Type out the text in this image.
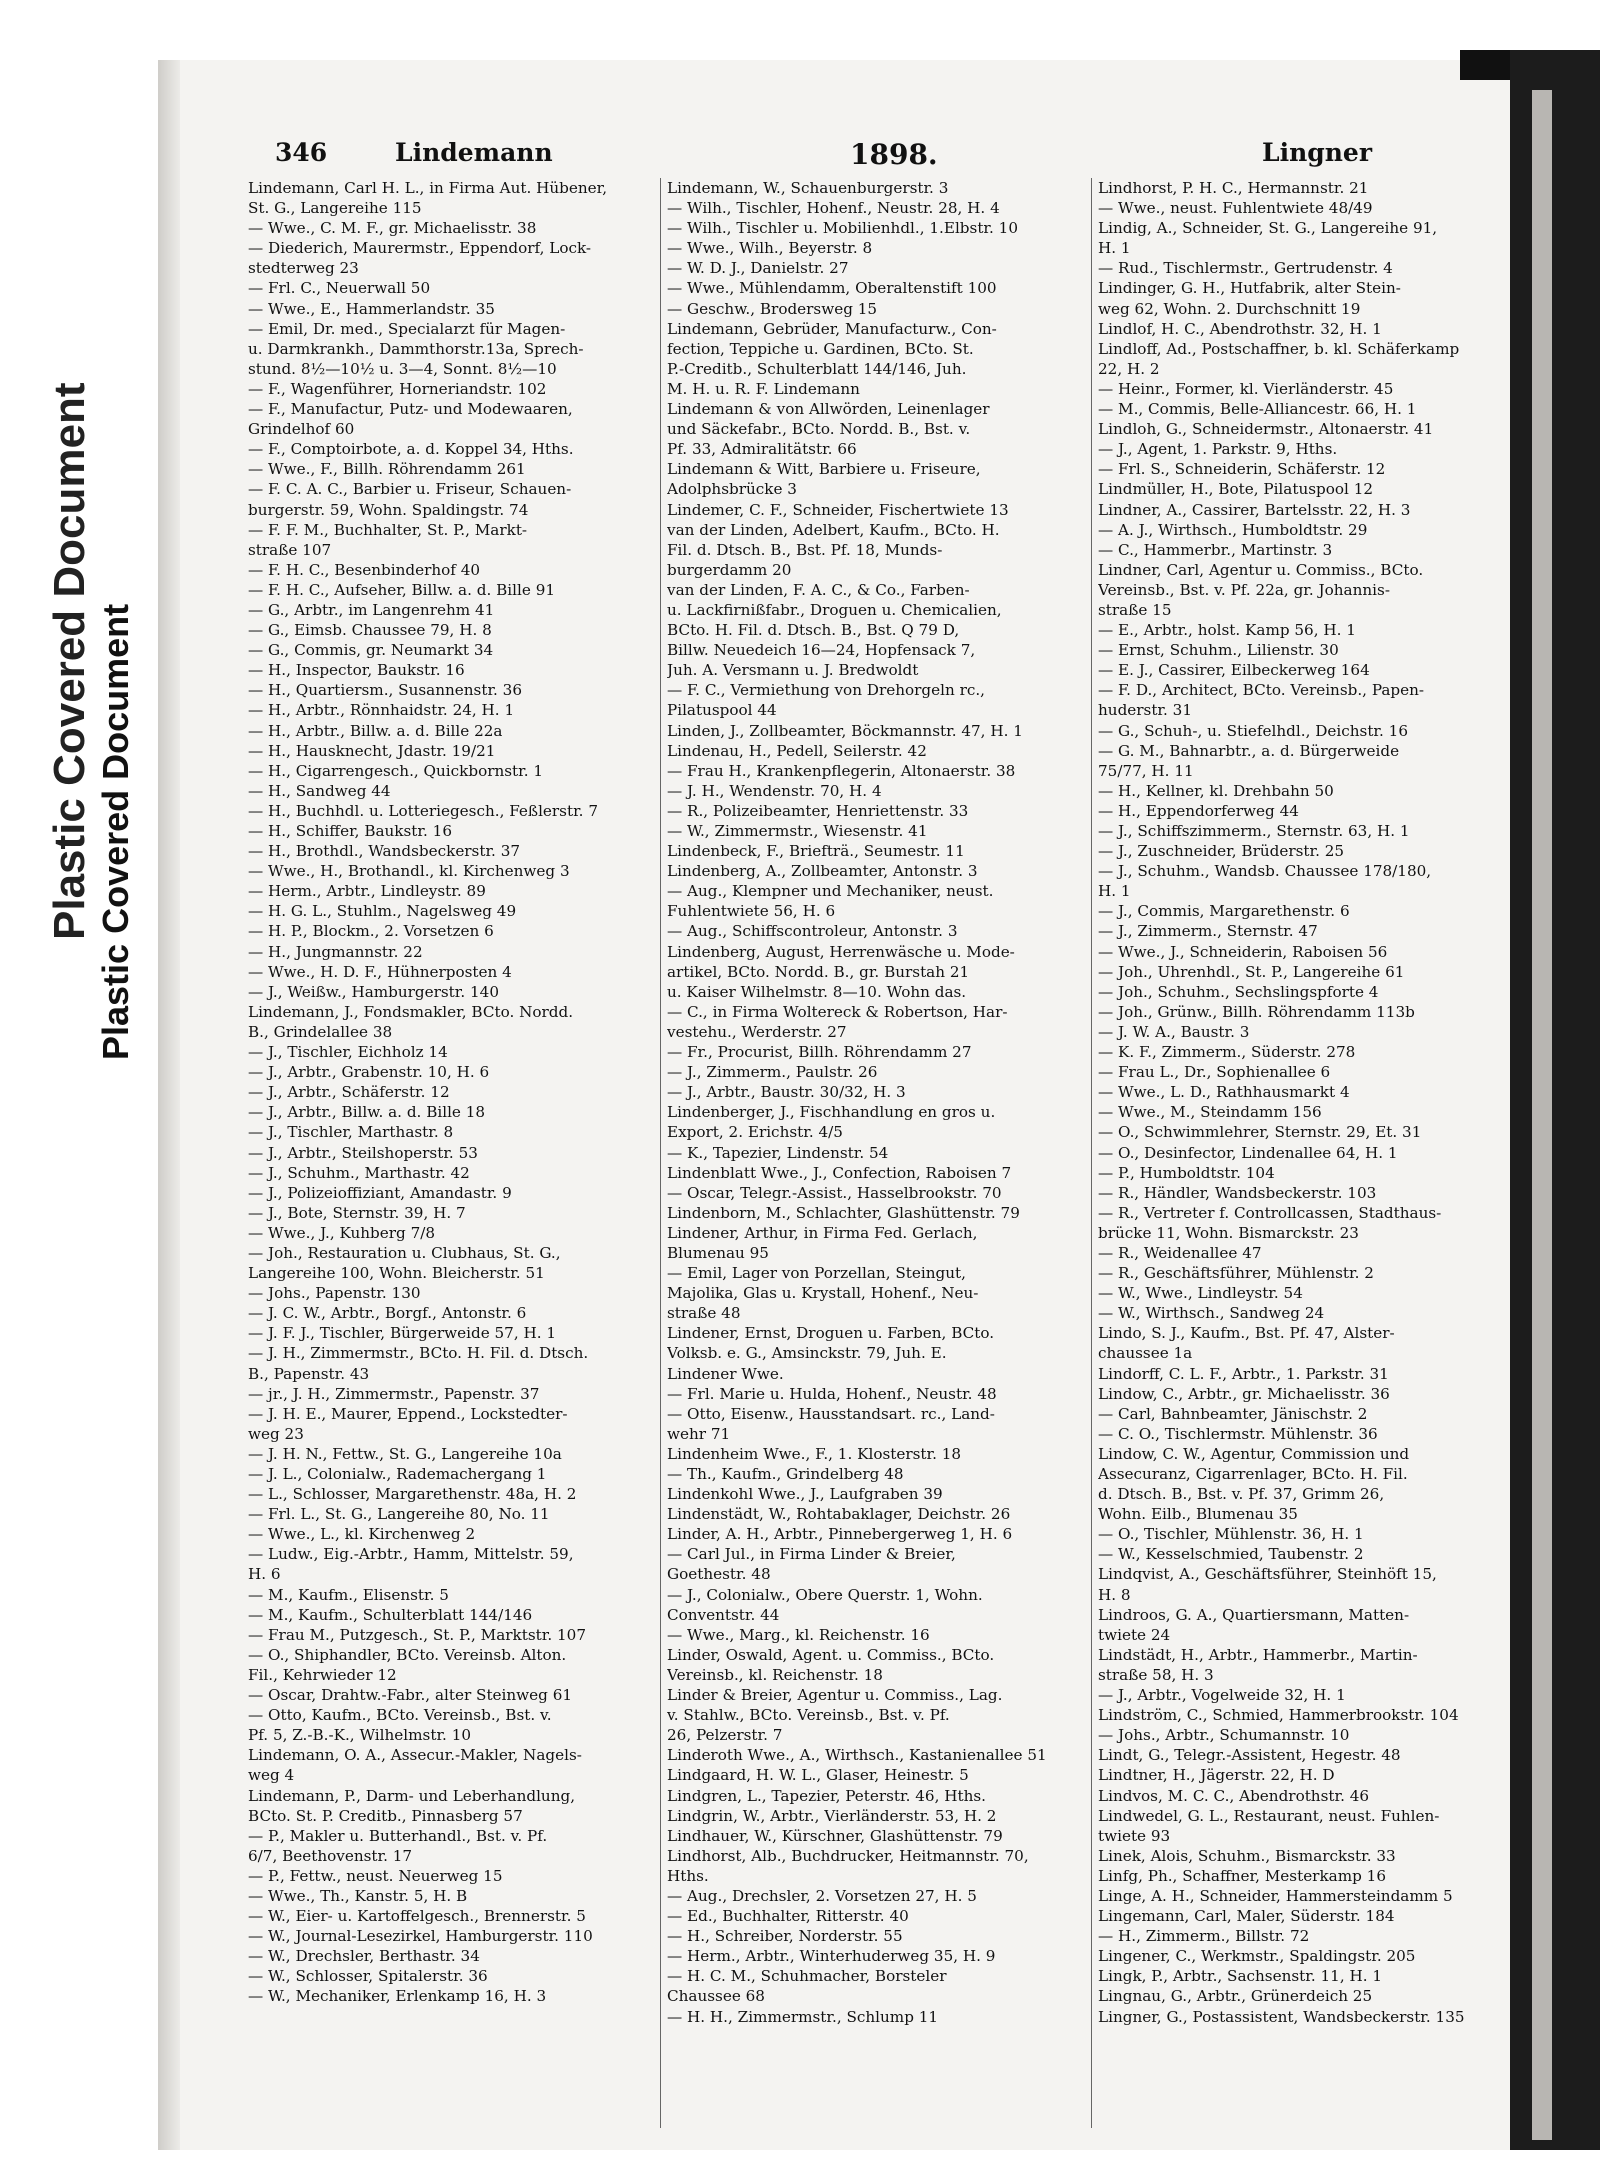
Plastic Covered Document Plastic Covered Document
346	Lindemann	1898.	Lingner
Lindemann, Carl H. L., in Firma Aut. Hübener,
St. G., Langereihe 115
— Wwe., C. M. F., gr. Michaelisstr. 38
— Diederich, Maurermstr., Eppendorf, Lock-
stedterweg 23
— Frl. C., Neuerwall 50
— Wwe., E., Hammerlandstr. 35
— Emil, Dr. med., Specialarzt für Magen-
u. Darmkrankh., Dammthorstr.13a, Sprech-
stund. 8½—10½ u. 3—4, Sonnt. 8½—10
— F., Wagenführer, Horneriandstr. 102
— F., Manufactur, Putz- und Modewaaren,
Grindelhof 60
— F., Comptoirbote, a. d. Koppel 34, Hths.
— Wwe., F., Billh. Röhrendamm 261
— F. C. A. C., Barbier u. Friseur, Schauen-
burgerstr. 59, Wohn. Spaldingstr. 74
— F. F. M., Buchhalter, St. P., Markt-
straße 107
— F. H. C., Besenbinderhof 40
— F. H. C., Aufseher, Billw. a. d. Bille 91
— G., Arbtr., im Langenrehm 41
— G., Eimsb. Chaussee 79, H. 8
— G., Commis, gr. Neumarkt 34
— H., Inspector, Baukstr. 16
— H., Quartiersm., Susannenstr. 36
— H., Arbtr., Rönnhaidstr. 24, H. 1
— H., Arbtr., Billw. a. d. Bille 22a
— H., Hausknecht, Jdastr. 19/21
— H., Cigarrengesch., Quickbornstr. 1
— H., Sandweg 44
— H., Buchhdl. u. Lotteriegesch., Feßlerstr. 7
— H., Schiffer, Baukstr. 16
— H., Brothdl., Wandsbeckerstr. 37
— Wwe., H., Brothandl., kl. Kirchenweg 3
— Herm., Arbtr., Lindleystr. 89
— H. G. L., Stuhlm., Nagelsweg 49
— H. P., Blockm., 2. Vorsetzen 6
— H., Jungmannstr. 22
— Wwe., H. D. F., Hühnerposten 4
— J., Weißw., Hamburgerstr. 140
Lindemann, J., Fondsmakler, BCto. Nordd.
B., Grindelallee 38
— J., Tischler, Eichholz 14
— J., Arbtr., Grabenstr. 10, H. 6
— J., Arbtr., Schäferstr. 12
— J., Arbtr., Billw. a. d. Bille 18
— J., Tischler, Marthastr. 8
— J., Arbtr., Steilshoperstr. 53
— J., Schuhm., Marthastr. 42
— J., Polizeioffiziant, Amandastr. 9
— J., Bote, Sternstr. 39, H. 7
— Wwe., J., Kuhberg 7/8
— Joh., Restauration u. Clubhaus, St. G.,
Langereihe 100, Wohn. Bleicherstr. 51
— Johs., Papenstr. 130
— J. C. W., Arbtr., Borgf., Antonstr. 6
— J. F. J., Tischler, Bürgerweide 57, H. 1
— J. H., Zimmermstr., BCto. H. Fil. d. Dtsch.
B., Papenstr. 43
— jr., J. H., Zimmermstr., Papenstr. 37
— J. H. E., Maurer, Eppend., Lockstedter-
weg 23
— J. H. N., Fettw., St. G., Langereihe 10a
— J. L., Colonialw., Rademachergang 1
— L., Schlosser, Margarethenstr. 48a, H. 2
— Frl. L., St. G., Langereihe 80, No. 11
— Wwe., L., kl. Kirchenweg 2
— Ludw., Eig.-Arbtr., Hamm, Mittelstr. 59,
H. 6
— M., Kaufm., Elisenstr. 5
— M., Kaufm., Schulterblatt 144/146
— Frau M., Putzgesch., St. P., Marktstr. 107
— O., Shiphandler, BCto. Vereinsb. Alton.
Fil., Kehrwieder 12
— Oscar, Drahtw.-Fabr., alter Steinweg 61
— Otto, Kaufm., BCto. Vereinsb., Bst. v.
Pf. 5, Z.-B.-K., Wilhelmstr. 10
Lindemann, O. A., Assecur.-Makler, Nagels-
weg 4
Lindemann, P., Darm- und Leberhandlung,
BCto. St. P. Creditb., Pinnasberg 57
— P., Makler u. Butterhandl., Bst. v. Pf.
6/7, Beethovenstr. 17
— P., Fettw., neust. Neuerweg 15
— Wwe., Th., Kanstr. 5, H. B
— W., Eier- u. Kartoffelgesch., Brennerstr. 5
— W., Journal-Lesezirkel, Hamburgerstr. 110
— W., Drechsler, Berthastr. 34
— W., Schlosser, Spitalerstr. 36
— W., Mechaniker, Erlenkamp 16, H. 3
Lindemann, W., Schauenburgerstr. 3
— Wilh., Tischler, Hohenf., Neustr. 28, H. 4
— Wilh., Tischler u. Mobilienhdl., 1.Elbstr. 10
— Wwe., Wilh., Beyerstr. 8
— W. D. J., Danielstr. 27
— Wwe., Mühlendamm, Oberaltenstift 100
— Geschw., Brodersweg 15
Lindemann, Gebrüder, Manufacturw., Con-
fection, Teppiche u. Gardinen, BCto. St.
P.-Creditb., Schulterblatt 144/146, Juh.
M. H. u. R. F. Lindemann
Lindemann & von Allwörden, Leinenlager
und Säckefabr., BCto. Nordd. B., Bst. v.
Pf. 33, Admiralitätstr. 66
Lindemann & Witt, Barbiere u. Friseure,
Adolphsbrücke 3
Lindemer, C. F., Schneider, Fischertwiete 13
van der Linden, Adelbert, Kaufm., BCto. H.
Fil. d. Dtsch. B., Bst. Pf. 18, Munds-
burgerdamm 20
van der Linden, F. A. C., & Co., Farben-
u. Lackfirnißfabr., Droguen u. Chemicalien,
BCto. H. Fil. d. Dtsch. B., Bst. Q 79 D,
Billw. Neuedeich 16—24, Hopfensack 7,
Juh. A. Versmann u. J. Bredwoldt
— F. C., Vermiethung von Drehorgeln rc.,
Pilatuspool 44
Linden, J., Zollbeamter, Böckmannstr. 47, H. 1
Lindenau, H., Pedell, Seilerstr. 42
— Frau H., Krankenpflegerin, Altonaerstr. 38
— J. H., Wendenstr. 70, H. 4
— R., Polizeibeamter, Henriettenstr. 33
— W., Zimmermstr., Wiesenstr. 41
Lindenbeck, F., Briefträ., Seumestr. 11
Lindenberg, A., Zollbeamter, Antonstr. 3
— Aug., Klempner und Mechaniker, neust.
Fuhlentwiete 56, H. 6
— Aug., Schiffscontroleur, Antonstr. 3
Lindenberg, August, Herrenwäsche u. Mode-
artikel, BCto. Nordd. B., gr. Burstah 21
u. Kaiser Wilhelmstr. 8—10. Wohn das.
— C., in Firma Woltereck & Robertson, Har-
vestehu., Werderstr. 27
— Fr., Procurist, Billh. Röhrendamm 27
— J., Zimmerm., Paulstr. 26
— J., Arbtr., Baustr. 30/32, H. 3
Lindenberger, J., Fischhandlung en gros u.
Export, 2. Erichstr. 4/5
— K., Tapezier, Lindenstr. 54
Lindenblatt Wwe., J., Confection, Raboisen 7
— Oscar, Telegr.-Assist., Hasselbrookstr. 70
Lindenborn, M., Schlachter, Glashüttenstr. 79
Lindener, Arthur, in Firma Fed. Gerlach,
Blumenau 95
— Emil, Lager von Porzellan, Steingut,
Majolika, Glas u. Krystall, Hohenf., Neu-
straße 48
Lindener, Ernst, Droguen u. Farben, BCto.
Volksb. e. G., Amsinckstr. 79, Juh. E.
Lindener Wwe.
— Frl. Marie u. Hulda, Hohenf., Neustr. 48
— Otto, Eisenw., Hausstandsart. rc., Land-
wehr 71
Lindenheim Wwe., F., 1. Klosterstr. 18
— Th., Kaufm., Grindelberg 48
Lindenkohl Wwe., J., Laufgraben 39
Lindenstädt, W., Rohtabaklager, Deichstr. 26
Linder, A. H., Arbtr., Pinnebergerweg 1, H. 6
— Carl Jul., in Firma Linder & Breier,
Goethestr. 48
— J., Colonialw., Obere Querstr. 1, Wohn.
Conventstr. 44
— Wwe., Marg., kl. Reichenstr. 16
Linder, Oswald, Agent. u. Commiss., BCto.
Vereinsb., kl. Reichenstr. 18
Linder & Breier, Agentur u. Commiss., Lag.
v. Stahlw., BCto. Vereinsb., Bst. v. Pf.
26, Pelzerstr. 7
Linderoth Wwe., A., Wirthsch., Kastanienallee 51
Lindgaard, H. W. L., Glaser, Heinestr. 5
Lindgren, L., Tapezier, Peterstr. 46, Hths.
Lindgrin, W., Arbtr., Vierländerstr. 53, H. 2
Lindhauer, W., Kürschner, Glashüttenstr. 79
Lindhorst, Alb., Buchdrucker, Heitmannstr. 70,
Hths.
— Aug., Drechsler, 2. Vorsetzen 27, H. 5
— Ed., Buchhalter, Ritterstr. 40
— H., Schreiber, Norderstr. 55
— Herm., Arbtr., Winterhuderweg 35, H. 9
— H. C. M., Schuhmacher, Borsteler
Chaussee 68
— H. H., Zimmermstr., Schlump 11
Lindhorst, P. H. C., Hermannstr. 21
— Wwe., neust. Fuhlentwiete 48/49
Lindig, A., Schneider, St. G., Langereihe 91,
H. 1
— Rud., Tischlermstr., Gertrudenstr. 4
Lindinger, G. H., Hutfabrik, alter Stein-
weg 62, Wohn. 2. Durchschnitt 19
Lindlof, H. C., Abendrothstr. 32, H. 1
Lindloff, Ad., Postschaffner, b. kl. Schäferkamp
22, H. 2
— Heinr., Former, kl. Vierländerstr. 45
— M., Commis, Belle-Alliancestr. 66, H. 1
Lindloh, G., Schneidermstr., Altonaerstr. 41
— J., Agent, 1. Parkstr. 9, Hths.
— Frl. S., Schneiderin, Schäferstr. 12
Lindmüller, H., Bote, Pilatuspool 12
Lindner, A., Cassirer, Bartelsstr. 22, H. 3
— A. J., Wirthsch., Humboldtstr. 29
— C., Hammerbr., Martinstr. 3
Lindner, Carl, Agentur u. Commiss., BCto.
Vereinsb., Bst. v. Pf. 22a, gr. Johannis-
straße 15
— E., Arbtr., holst. Kamp 56, H. 1
— Ernst, Schuhm., Lilienstr. 30
— E. J., Cassirer, Eilbeckerweg 164
— F. D., Architect, BCto. Vereinsb., Papen-
huderstr. 31
— G., Schuh-, u. Stiefelhdl., Deichstr. 16
— G. M., Bahnarbtr., a. d. Bürgerweide
75/77, H. 11
— H., Kellner, kl. Drehbahn 50
— H., Eppendorferweg 44
— J., Schiffszimmerm., Sternstr. 63, H. 1
— J., Zuschneider, Brüderstr. 25
— J., Schuhm., Wandsb. Chaussee 178/180,
H. 1
— J., Commis, Margarethenstr. 6
— J., Zimmerm., Sternstr. 47
— Wwe., J., Schneiderin, Raboisen 56
— Joh., Uhrenhdl., St. P., Langereihe 61
— Joh., Schuhm., Sechslingspforte 4
— Joh., Grünw., Billh. Röhrendamm 113b
— J. W. A., Baustr. 3
— K. F., Zimmerm., Süderstr. 278
— Frau L., Dr., Sophienallee 6
— Wwe., L. D., Rathhausmarkt 4
— Wwe., M., Steindamm 156
— O., Schwimmlehrer, Sternstr. 29, Et. 31
— O., Desinfector, Lindenallee 64, H. 1
— P., Humboldtstr. 104
— R., Händler, Wandsbeckerstr. 103
— R., Vertreter f. Controllcassen, Stadthaus-
brücke 11, Wohn. Bismarckstr. 23
— R., Weidenallee 47
— R., Geschäftsführer, Mühlenstr. 2
— W., Wwe., Lindleystr. 54
— W., Wirthsch., Sandweg 24
Lindo, S. J., Kaufm., Bst. Pf. 47, Alster-
chaussee 1a
Lindorff, C. L. F., Arbtr., 1. Parkstr. 31
Lindow, C., Arbtr., gr. Michaelisstr. 36
— Carl, Bahnbeamter, Jänischstr. 2
— C. O., Tischlermstr. Mühlenstr. 36
Lindow, C. W., Agentur, Commission und
Assecuranz, Cigarrenlager, BCto. H. Fil.
d. Dtsch. B., Bst. v. Pf. 37, Grimm 26,
Wohn. Eilb., Blumenau 35
— O., Tischler, Mühlenstr. 36, H. 1
— W., Kesselschmied, Taubenstr. 2
Lindqvist, A., Geschäftsführer, Steinhöft 15,
H. 8
Lindroos, G. A., Quartiersmann, Matten-
twiete 24
Lindstädt, H., Arbtr., Hammerbr., Martin-
straße 58, H. 3
— J., Arbtr., Vogelweide 32, H. 1
Lindström, C., Schmied, Hammerbrookstr. 104
— Johs., Arbtr., Schumannstr. 10
Lindt, G., Telegr.-Assistent, Hegestr. 48
Lindtner, H., Jägerstr. 22, H. D
Lindvos, M. C. C., Abendrothstr. 46
Lindwedel, G. L., Restaurant, neust. Fuhlen-
twiete 93
Linek, Alois, Schuhm., Bismarckstr. 33
Linfg, Ph., Schaffner, Mesterkamp 16
Linge, A. H., Schneider, Hammersteindamm 5
Lingemann, Carl, Maler, Süderstr. 184
— H., Zimmerm., Billstr. 72
Lingener, C., Werkmstr., Spaldingstr. 205
Lingk, P., Arbtr., Sachsenstr. 11, H. 1
Lingnau, G., Arbtr., Grünerdeich 25
Lingner, G., Postassistent, Wandsbeckerstr. 135
